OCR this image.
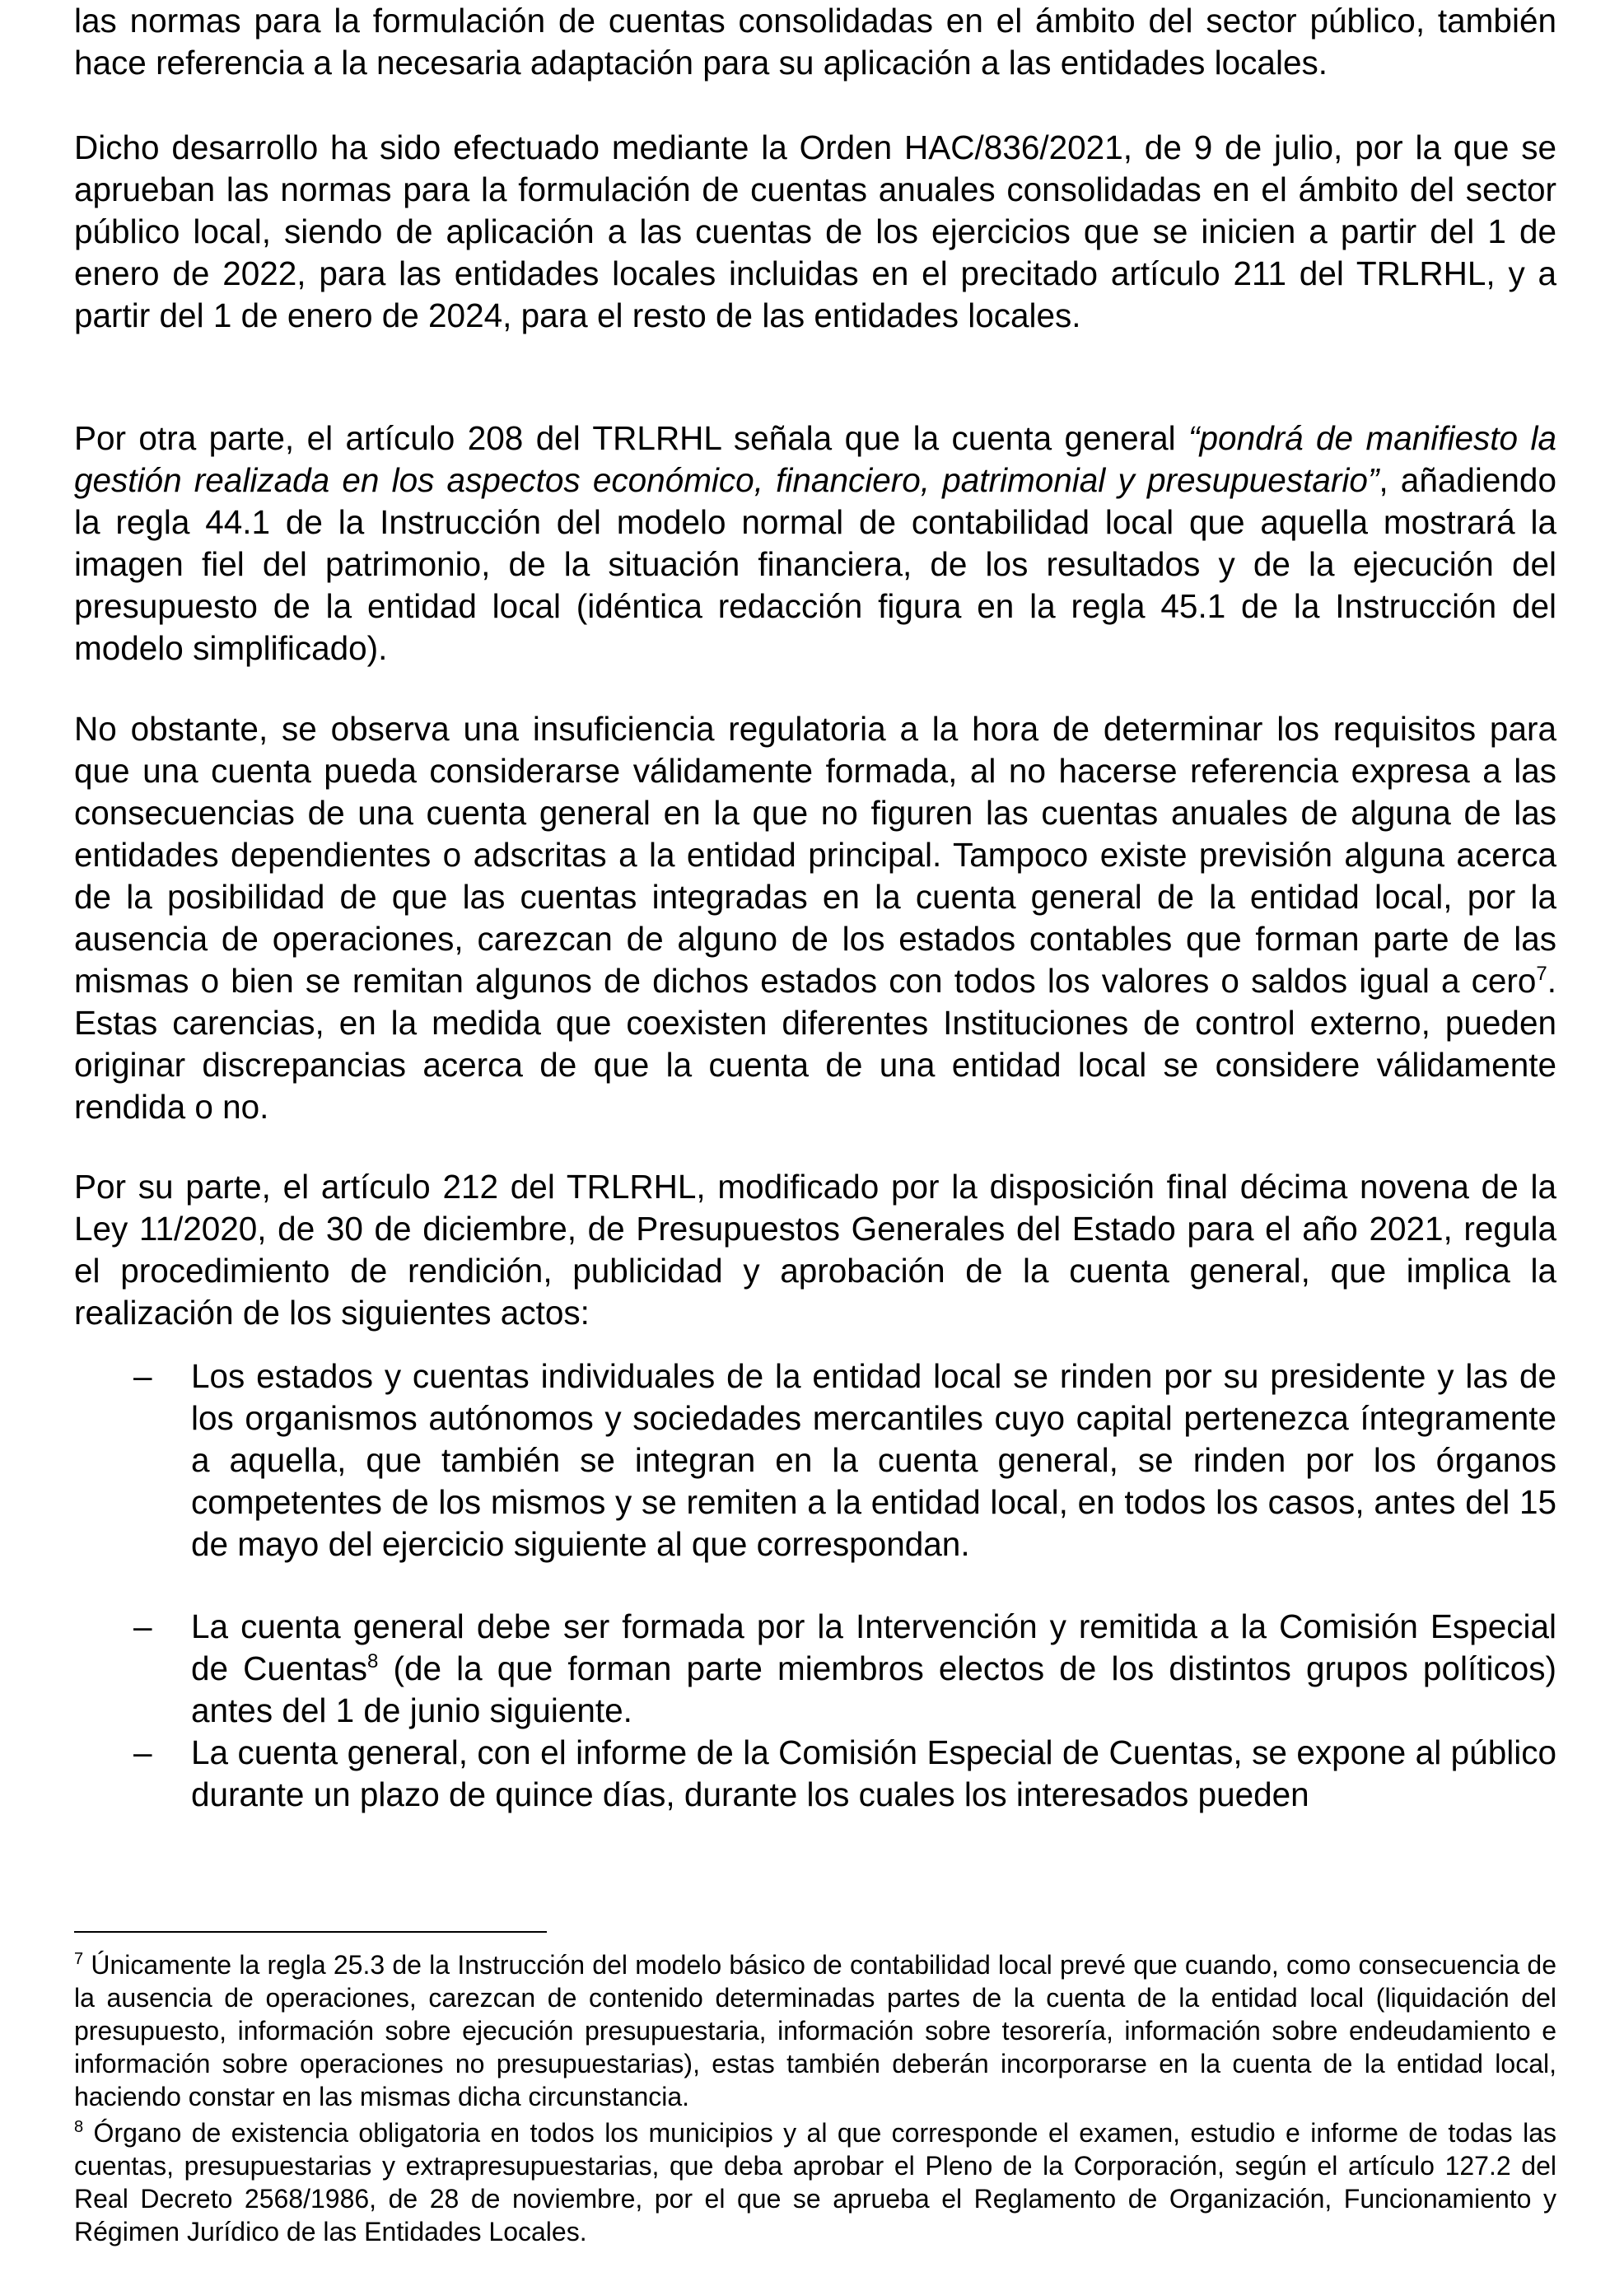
las normas para la formulación de cuentas consolidadas en el ámbito del sector público, también hace referencia a la necesaria adaptación para su aplicación a las entidades locales.

Dicho desarrollo ha sido efectuado mediante la Orden HAC/836/2021, de 9 de julio, por la que se aprueban las normas para la formulación de cuentas anuales consolidadas en el ámbito del sector público local, siendo de aplicación a las cuentas de los ejercicios que se inicien a partir del 1 de enero de 2022, para las entidades locales incluidas en el precitado artículo 211 del TRLRHL, y a partir del 1 de enero de 2024, para el resto de las entidades locales.

Por otra parte, el artículo 208 del TRLRHL señala que la cuenta general “pondrá de manifiesto la gestión realizada en los aspectos económico, financiero, patrimonial y presupuestario”, añadiendo la regla 44.1 de la Instrucción del modelo normal de contabilidad local que aquella mostrará la imagen fiel del patrimonio, de la situación financiera, de los resultados y de la ejecución del presupuesto de la entidad local (idéntica redacción figura en la regla 45.1 de la Instrucción del modelo simplificado).

No obstante, se observa una insuficiencia regulatoria a la hora de determinar los requisitos para que una cuenta pueda considerarse válidamente formada, al no hacerse referencia expresa a las consecuencias de una cuenta general en la que no figuren las cuentas anuales de alguna de las entidades dependientes o adscritas a la entidad principal. Tampoco existe previsión alguna acerca de la posibilidad de que las cuentas integradas en la cuenta general de la entidad local, por la ausencia de operaciones, carezcan de alguno de los estados contables que forman parte de las mismas o bien se remitan algunos de dichos estados con todos los valores o saldos igual a cero$^7$. Estas carencias, en la medida que coexisten diferentes Instituciones de control externo, pueden originar discrepancias acerca de que la cuenta de una entidad local se considere válidamente rendida o no.

Por su parte, el artículo 212 del TRLRHL, modificado por la disposición final décima novena de la Ley 11/2020, de 30 de diciembre, de Presupuestos Generales del Estado para el año 2021, regula el procedimiento de rendición, publicidad y aprobación de la cuenta general, que implica la realización de los siguientes actos:

– Los estados y cuentas individuales de la entidad local se rinden por su presidente y las de los organismos autónomos y sociedades mercantiles cuyo capital pertenezca íntegramente a aquella, que también se integran en la cuenta general, se rinden por los órganos competentes de los mismos y se remiten a la entidad local, en todos los casos, antes del 15 de mayo del ejercicio siguiente al que correspondan.
– La cuenta general debe ser formada por la Intervención y remitida a la Comisión Especial de Cuentas$^8$ (de la que forman parte miembros electos de los distintos grupos políticos) antes del 1 de junio siguiente.
– La cuenta general, con el informe de la Comisión Especial de Cuentas, se expone al público durante un plazo de quince días, durante los cuales los interesados pueden

$^7$ Únicamente la regla 25.3 de la Instrucción del modelo básico de contabilidad local prevé que cuando, como consecuencia de la ausencia de operaciones, carezcan de contenido determinadas partes de la cuenta de la entidad local (liquidación del presupuesto, información sobre ejecución presupuestaria, información sobre tesorería, información sobre endeudamiento e información sobre operaciones no presupuestarias), estas también deberán incorporarse en la cuenta de la entidad local, haciendo constar en las mismas dicha circunstancia.

$^8$ Órgano de existencia obligatoria en todos los municipios y al que corresponde el examen, estudio e informe de todas las cuentas, presupuestarias y extrapresupuestarias, que deba aprobar el Pleno de la Corporación, según el artículo 127.2 del Real Decreto 2568/1986, de 28 de noviembre, por el que se aprueba el Reglamento de Organización, Funcionamiento y Régimen Jurídico de las Entidades Locales.
